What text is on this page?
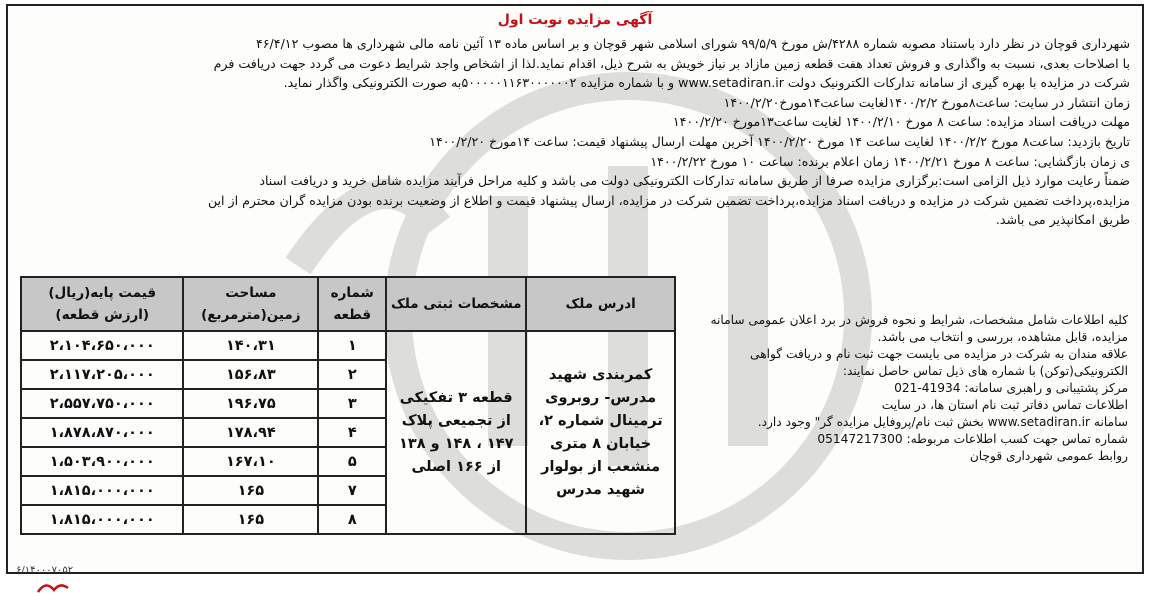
آگهی مزایده نوبت اول
شهرداری قوچان در نظر دارد باستناد مصوبه شماره ۴۲۸۸/ش مورخ ۹۹/۵/۹ شورای اسلامی شهر قوچان و بر اساس ماده ۱۳ آئین نامه مالی شهرداری ها مصوب ۴۶/۴/۱۲
با اصلاحات بعدی، نسبت به واگذاری و فروش تعداد هفت قطعه زمین مازاد بر نیاز خویش به شرح ذیل، اقدام نماید.لذا از اشخاص واجد شرایط دعوت می گردد جهت دریافت فرم
شرکت در مزایده با بهره گیری از سامانه تدارکات الکترونیک دولت www.setadiran.ir و با شماره مزایده ۵۰۰۰۰۰۱۱۶۳۰۰۰۰۰۰۲به صورت الکترونیکی واگذار نماید.
زمان انتشار در سایت: ساعت۸مورخ ۱۴۰۰/۲/۲لغایت ساعت۱۴مورخ۱۴۰۰/۲/۲۰
مهلت دریافت اسناد مزایده: ساعت ۸ مورخ ۱۴۰۰/۲/۱۰ لغایت ساعت۱۳مورخ ۱۴۰۰/۲/۲۰
تاریخ بازدید: ساعت۸ مورخ ۱۴۰۰/۲/۲ لغایت ساعت ۱۴ مورخ ۱۴۰۰/۲/۲۰ آخرین مهلت ارسال پیشنهاد قیمت: ساعت ۱۴مورخ ۱۴۰۰/۲/۲۰
ی زمان بازگشایی: ساعت ۸ مورخ ۱۴۰۰/۲/۲۱ زمان اعلام برنده: ساعت ۱۰ مورخ ۱۴۰۰/۲/۲۲
ضمناً رعایت موارد ذیل الزامی است:برگزاری مزایده صرفا از طریق سامانه تدارکات الکترونیکی دولت می باشد و کلیه مراحل فرآیند مزایده شامل خرید و دریافت اسناد
مزایده،پرداخت تضمین شرکت در مزایده و دریافت اسناد مزایده،پرداخت تضمین شرکت در مزایده، ارسال پیشنهاد قیمت و اطلاع از وضعیت برنده بودن مزایده گران محترم از این
طریق امکانپذیر می باشد.
کلیه اطلاعات شامل مشخصات، شرایط و نحوه فروش در برد اعلان عمومی سامانه
مزایده، قابل مشاهده، بررسی و انتخاب می باشد.
علاقه مندان به شرکت در مزایده می بایست جهت ثبت نام و دریافت گواهی
الکترونیکی(توکن) با شماره های ذیل تماس حاصل نمایند:
مرکز پشتیبانی و راهبری سامانه: 41934-021
اطلاعات تماس دفاتر ثبت نام استان ها، در سایت
سامانه www.setadiran.ir بخش ثبت نام/پروفایل مزایده گر" وجود دارد.
شماره تماس جهت کسب اطلاعات مربوطه: 05147217300
روابط عمومی شهرداری قوچان
ادرس ملک	مشخصات ثبتی ملک	شماره قطعه	مساحت زمین(مترمربع)	قیمت پایه(ریال) (ارزش قطعه)
کمربندی شهید مدرس- روبروی ترمینال شماره ۲، خیابان ۸ متری منشعب از بولوار شهید مدرس	قطعه ۳ تفکیکی از تجمیعی پلاک ۱۴۷ ، ۱۴۸ و ۱۳۸ از ۱۶۶ اصلی	۱	۱۴۰،۳۱	۲،۱۰۴،۶۵۰،۰۰۰
		۲	۱۵۶،۸۳	۲،۱۱۷،۲۰۵،۰۰۰
		۳	۱۹۶،۷۵	۲،۵۵۷،۷۵۰،۰۰۰
		۴	۱۷۸،۹۴	۱،۸۷۸،۸۷۰،۰۰۰
		۵	۱۶۷،۱۰	۱،۵۰۳،۹۰۰،۰۰۰
		۷	۱۶۵	۱،۸۱۵،۰۰۰،۰۰۰
		۸	۱۶۵	۱،۸۱۵،۰۰۰،۰۰۰
۶/۱۴۰۰۰۷۰۵۲
